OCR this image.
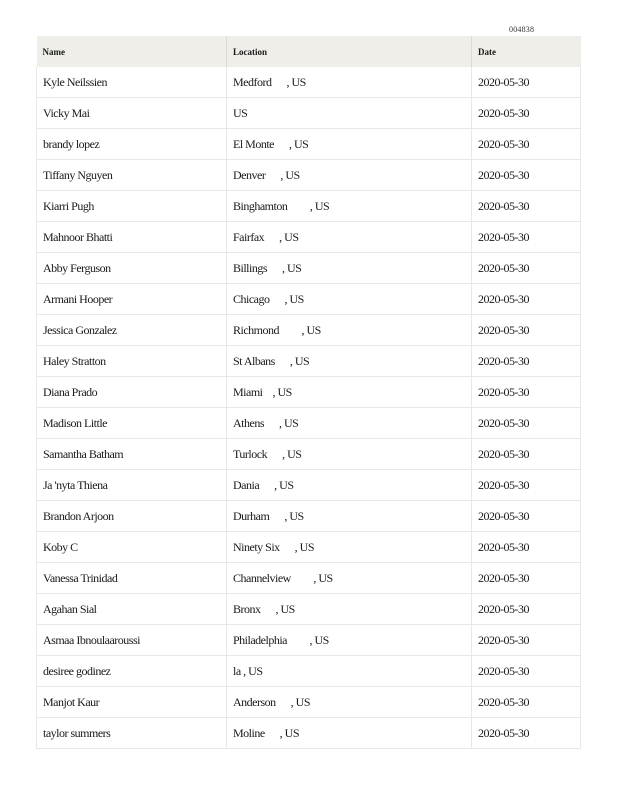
004838
Name	Location	Date
Kyle Neilssien	Medford      , US	2020-05-30
Vicky Mai	US	2020-05-30
brandy lopez	El Monte      , US	2020-05-30
Tiffany Nguyen	Denver      , US	2020-05-30
Kiarri Pugh	Binghamton         , US	2020-05-30
Mahnoor Bhatti	Fairfax      , US	2020-05-30
Abby Ferguson	Billings      , US	2020-05-30
Armani Hooper	Chicago      , US	2020-05-30
Jessica Gonzalez	Richmond         , US	2020-05-30
Haley Stratton	St Albans      , US	2020-05-30
Diana Prado	Miami    , US	2020-05-30
Madison Little	Athens      , US	2020-05-30
Samantha Batham	Turlock      , US	2020-05-30
Ja 'nyta Thiena	Dania      , US	2020-05-30
Brandon Arjoon	Durham      , US	2020-05-30
Koby C	Ninety Six      , US	2020-05-30
Vanessa Trinidad	Channelview         , US	2020-05-30
Agahan Sial	Bronx      , US	2020-05-30
Asmaa Ibnoulaaroussi	Philadelphia         , US	2020-05-30
desiree godinez	la , US	2020-05-30
Manjot Kaur	Anderson      , US	2020-05-30
taylor summers	Moline      , US	2020-05-30
